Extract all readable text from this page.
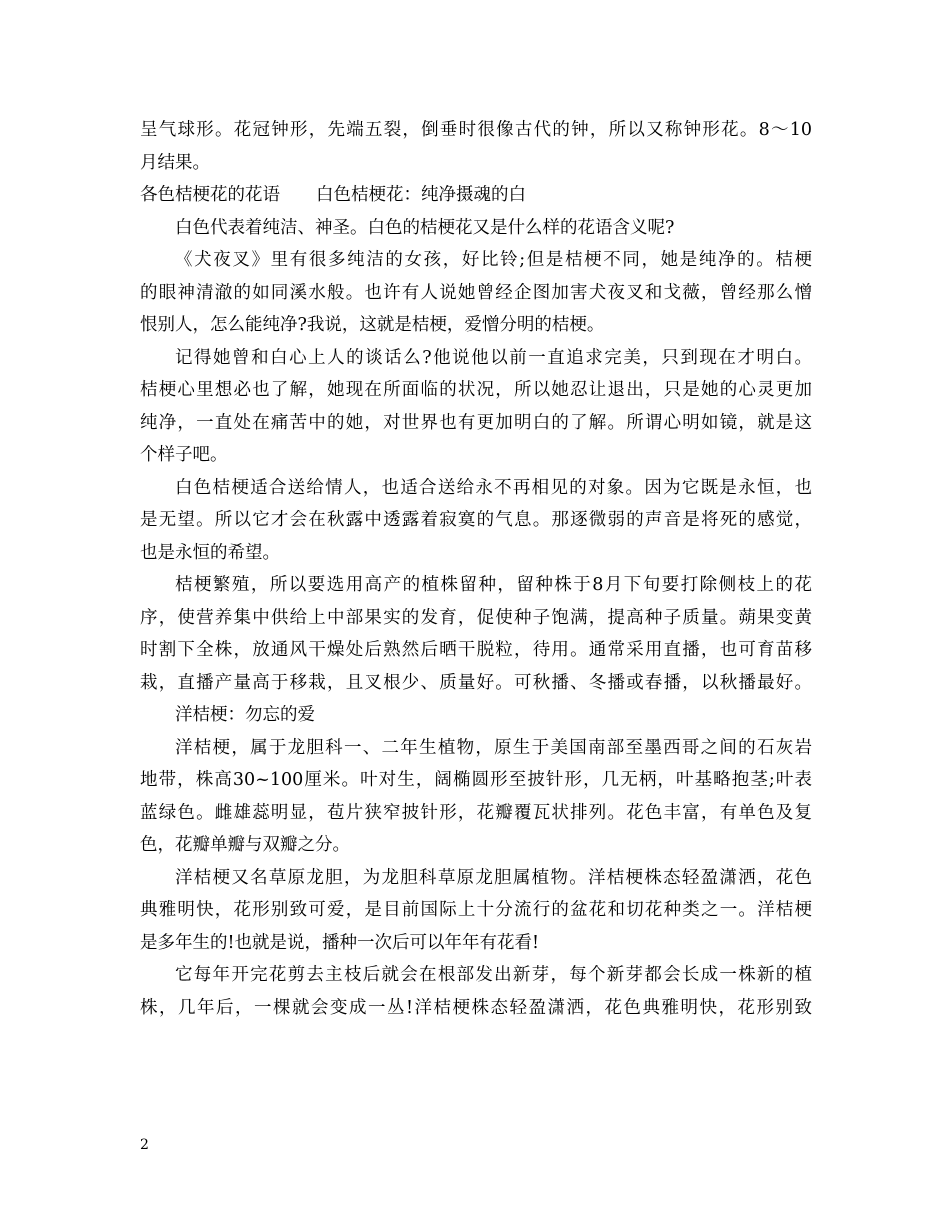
呈气球形。花冠钟形，先端五裂，倒垂时很像古代的钟，所以又称钟形花。8～10
月结果。
各色桔梗花的花语 白色桔梗花：纯净摄魂的白
白色代表着纯洁、神圣。白色的桔梗花又是什么样的花语含义呢?
《犬夜叉》里有很多纯洁的女孩，好比铃;但是桔梗不同，她是纯净的。桔梗
的眼神清澈的如同溪水般。也许有人说她曾经企图加害犬夜叉和戈薇，曾经那么憎
恨别人，怎么能纯净?我说，这就是桔梗，爱憎分明的桔梗。
记得她曾和白心上人的谈话么?他说他以前一直追求完美，只到现在才明白。
桔梗心里想必也了解，她现在所面临的状况，所以她忍让退出，只是她的心灵更加
纯净，一直处在痛苦中的她，对世界也有更加明白的了解。所谓心明如镜，就是这
个样子吧。
白色桔梗适合送给情人，也适合送给永不再相见的对象。因为它既是永恒，也
是无望。所以它才会在秋露中透露着寂寞的气息。那逐微弱的声音是将死的感觉，
也是永恒的希望。
桔梗繁殖，所以要选用高产的植株留种，留种株于8月下旬要打除侧枝上的花
序，使营养集中供给上中部果实的发育，促使种子饱满，提高种子质量。蒴果变黄
时割下全株，放通风干燥处后熟然后晒干脱粒，待用。通常采用直播，也可育苗移
栽，直播产量高于移栽，且叉根少、质量好。可秋播、冬播或春播，以秋播最好。
洋桔梗：勿忘的爱
洋桔梗，属于龙胆科一、二年生植物，原生于美国南部至墨西哥之间的石灰岩
地带，株高30~100厘米。叶对生，阔椭圆形至披针形，几无柄，叶基略抱茎;叶表
蓝绿色。雌雄蕊明显，苞片狭窄披针形，花瓣覆瓦状排列。花色丰富，有单色及复
色，花瓣单瓣与双瓣之分。
洋桔梗又名草原龙胆，为龙胆科草原龙胆属植物。洋桔梗株态轻盈潇洒，花色
典雅明快，花形别致可爱，是目前国际上十分流行的盆花和切花种类之一。洋桔梗
是多年生的!也就是说，播种一次后可以年年有花看!
它每年开完花剪去主枝后就会在根部发出新芽，每个新芽都会长成一株新的植
株，几年后，一棵就会变成一丛!洋桔梗株态轻盈潇洒，花色典雅明快，花形别致
2
